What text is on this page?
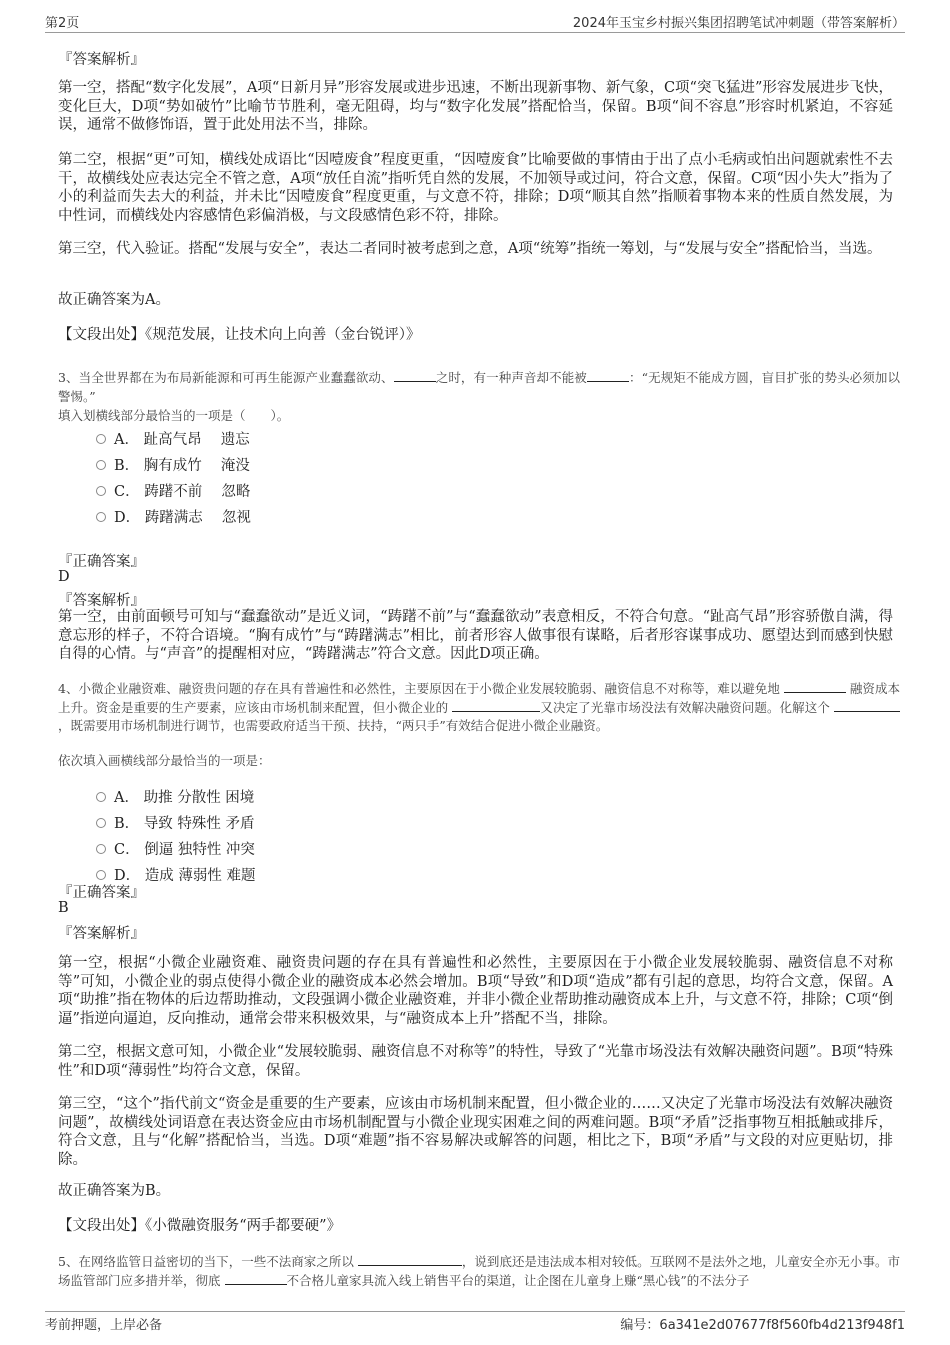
第2页	2024年玉宝乡村振兴集团招聘笔试冲刺题（带答案解析）
『答案解析』
第一空，搭配“数字化发展”，A项“日新月异”形容发展或进步迅速，不断出现新事物、新气象，C项“突飞猛进”形容发展进步飞快，变化巨大，D项“势如破竹”比喻节节胜利，毫无阻碍，均与“数字化发展”搭配恰当，保留。B项“间不容息”形容时机紧迫，不容延误，通常不做修饰语，置于此处用法不当，排除。
第二空，根据“更”可知，横线处成语比“因噎废食”程度更重，“因噎废食”比喻要做的事情由于出了点小毛病或怕出问题就索性不去干，故横线处应表达完全不管之意，A项“放任自流”指听凭自然的发展，不加领导或过问，符合文意，保留。C项“因小失大”指为了小的利益而失去大的利益，并未比“因噎废食”程度更重，与文意不符，排除；D项“顺其自然”指顺着事物本来的性质自然发展，为中性词，而横线处内容感情色彩偏消极，与文段感情色彩不符，排除。
第三空，代入验证。搭配“发展与安全”，表达二者同时被考虑到之意，A项“统筹”指统一筹划，与“发展与安全”搭配恰当，当选。
故正确答案为A。
【文段出处】《规范发展，让技术向上向善（金台锐评）》
3、当全世界都在为布局新能源和可再生能源产业蠢蠢欲动、	之时，有一种声音却不能被	：“无规矩不能成方圆，盲目扩张的势头必须加以警惕。”
填入划横线部分最恰当的一项是（　　）。
A． 趾高气昂　 遗忘
B． 胸有成竹　 淹没
C． 踌躇不前　 忽略
D． 踌躇满志　 忽视
『正确答案』
D
『答案解析』
第一空，由前面顿号可知与“蠢蠢欲动”是近义词，“踌躇不前”与“蠢蠢欲动”表意相反，不符合句意。“趾高气昂”形容骄傲自满，得意忘形的样子，不符合语境。“胸有成竹”与“踌躇满志”相比，前者形容人做事很有谋略，后者形容谋事成功、愿望达到而感到快慰自得的心情。与“声音”的提醒相对应，“踌躇满志”符合文意。因此D项正确。
4、小微企业融资难、融资贵问题的存在具有普遍性和必然性，主要原因在于小微企业发展较脆弱、融资信息不对称等，难以避免地	融资成本上升。资金是重要的生产要素，应该由市场机制来配置，但小微企业的	又决定了光靠市场没法有效解决融资问题。化解这个 ，既需要用市场机制进行调节，也需要政府适当干预、扶持，“两只手”有效结合促进小微企业融资。
依次填入画横线部分最恰当的一项是：
A． 助推 分散性 困境
B． 导致 特殊性 矛盾
C． 倒逼 独特性 冲突
D． 造成 薄弱性 难题
『正确答案』
B
『答案解析』
第一空，根据“小微企业融资难、融资贵问题的存在具有普遍性和必然性，主要原因在于小微企业发展较脆弱、融资信息不对称等”可知，小微企业的弱点使得小微企业的融资成本必然会增加。B项“导致”和D项“造成”都有引起的意思，均符合文意，保留。A项“助推”指在物体的后边帮助推动，文段强调小微企业融资难，并非小微企业帮助推动融资成本上升，与文意不符，排除；C项“倒逼”指逆向逼迫，反向推动，通常会带来积极效果，与“融资成本上升”搭配不当，排除。
第二空，根据文意可知，小微企业“发展较脆弱、融资信息不对称等”的特性，导致了“光靠市场没法有效解决融资问题”。B项“特殊性”和D项“薄弱性”均符合文意，保留。
第三空，“这个”指代前文“资金是重要的生产要素，应该由市场机制来配置，但小微企业的……又决定了光靠市场没法有效解决融资问题”，故横线处词语意在表达资金应由市场机制配置与小微企业现实困难之间的两难问题。B项“矛盾”泛指事物互相抵触或排斥，符合文意，且与“化解”搭配恰当，当选。D项“难题”指不容易解决或解答的问题，相比之下，B项“矛盾”与文段的对应更贴切，排除。
故正确答案为B。
【文段出处】《小微融资服务“两手都要硬”》
5、在网络监管日益密切的当下，一些不法商家之所以	，说到底还是违法成本相对较低。互联网不是法外之地，儿童安全亦无小事。市场监管部门应多措并举，彻底	不合格儿童家具流入线上销售平台的渠道，让企图在儿童身上赚“黑心钱”的不法分子
考前押题，上岸必备	编号：6a341e2d07677f8f560fb4d213f948f1
